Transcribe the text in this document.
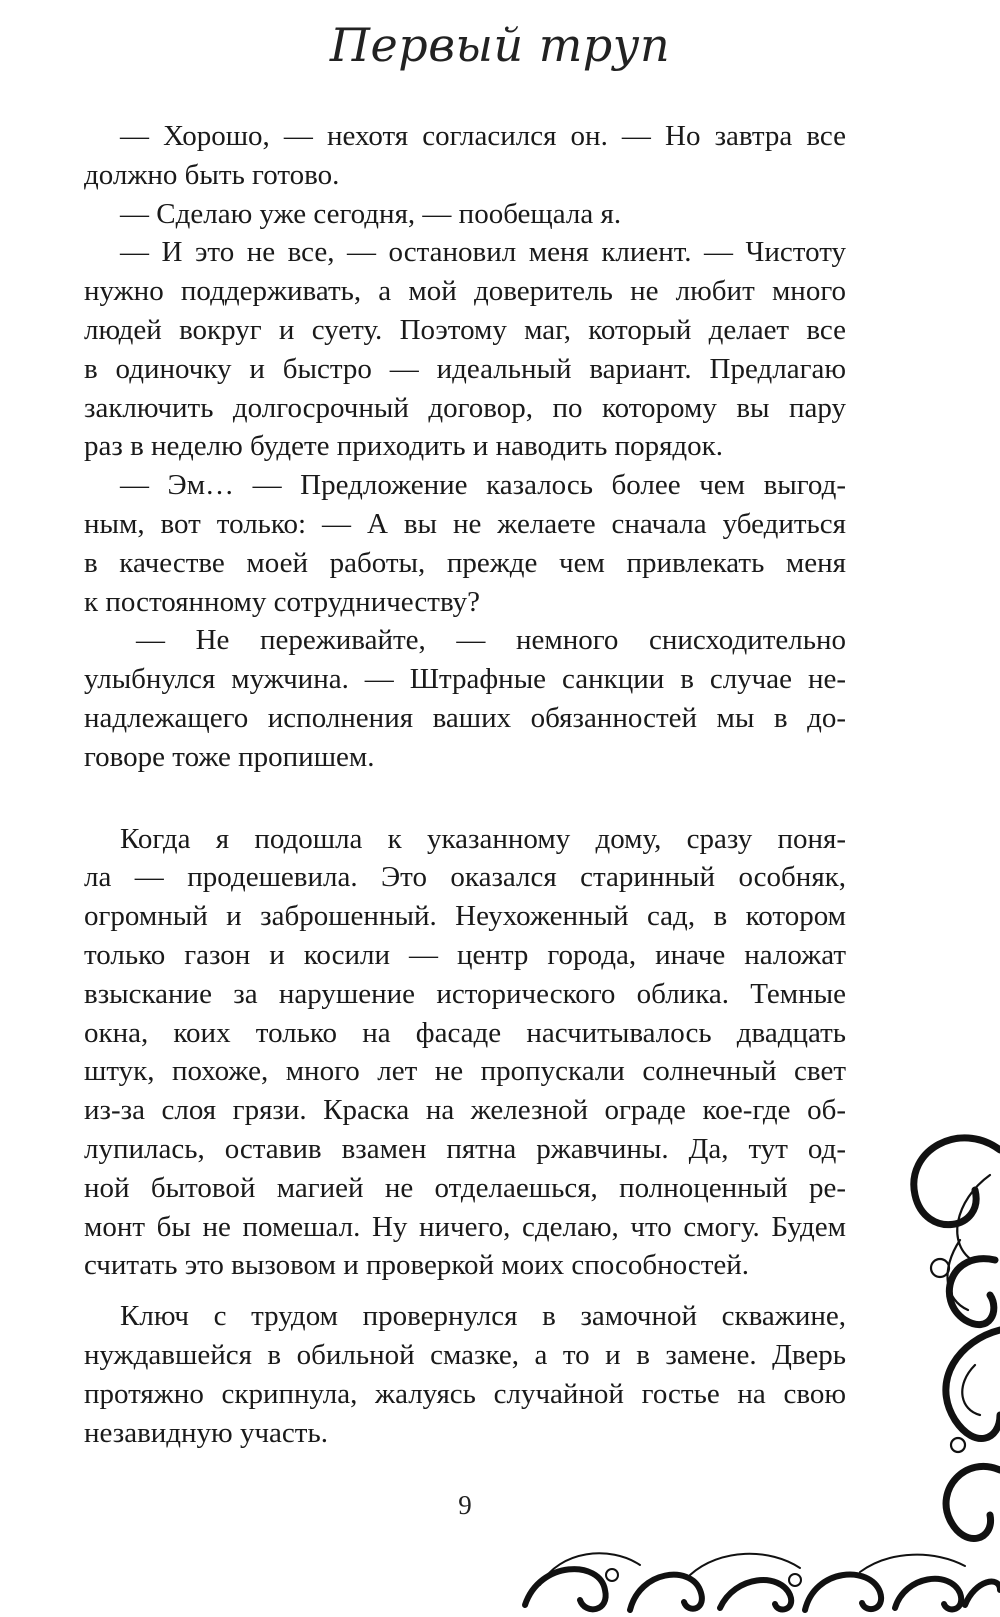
Первый труп
— Хорошо, — нехотя согласился он. — Но завтра все
должно быть готово.
— Сделаю уже сегодня, — пообещала я.
— И это не все, — остановил меня клиент. — Чистоту
нужно поддерживать, а мой доверитель не любит много
людей вокруг и суету. Поэтому маг, который делает все
в одиночку и быстро — идеальный вариант. Предлагаю
заключить долгосрочный договор, по которому вы пару
раз в неделю будете приходить и наводить порядок.
— Эм… — Предложение казалось более чем выгод-
ным, вот только: — А вы не желаете сначала убедиться
в качестве моей работы, прежде чем привлекать меня
к постоянному сотрудничеству?
— Не переживайте, — немного снисходительно
улыбнулся мужчина. — Штрафные санкции в случае не-
надлежащего исполнения ваших обязанностей мы в до-
говоре тоже пропишем.
Когда я подошла к указанному дому, сразу поня-
ла — продешевила. Это оказался старинный особняк,
огромный и заброшенный. Неухоженный сад, в котором
только газон и косили — центр города, иначе наложат
взыскание за нарушение исторического облика. Темные
окна, коих только на фасаде насчитывалось двадцать
штук, похоже, много лет не пропускали солнечный свет
из-за слоя грязи. Краска на железной ограде кое-где об-
лупилась, оставив взамен пятна ржавчины. Да, тут од-
ной бытовой магией не отделаешься, полноценный ре-
монт бы не помешал. Ну ничего, сделаю, что смогу. Будем
считать это вызовом и проверкой моих способностей.
Ключ с трудом провернулся в замочной скважине,
нуждавшейся в обильной смазке, а то и в замене. Дверь
протяжно скрипнула, жалуясь случайной гостье на свою
незавидную участь.
9
